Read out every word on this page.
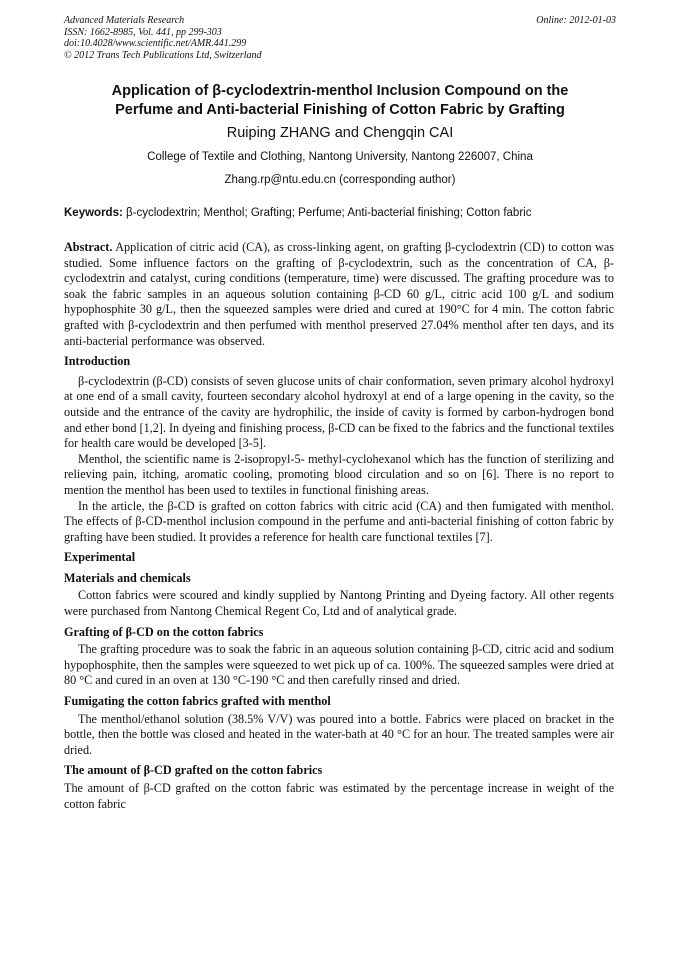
Advanced Materials Research
ISSN: 1662-8985, Vol. 441, pp 299-303
doi:10.4028/www.scientific.net/AMR.441.299
© 2012 Trans Tech Publications Ltd, Switzerland
Online: 2012-01-03
Application of β-cyclodextrin-menthol Inclusion Compound on the
Perfume and Anti-bacterial Finishing of Cotton Fabric by Grafting
Ruiping ZHANG and Chengqin CAI
College of Textile and Clothing, Nantong University, Nantong 226007, China
Zhang.rp@ntu.edu.cn (corresponding author)
Keywords: β-cyclodextrin; Menthol; Grafting; Perfume; Anti-bacterial finishing; Cotton fabric

Abstract. Application of citric acid (CA), as cross-linking agent, on grafting β-cyclodextrin (CD) to cotton was studied. Some influence factors on the grafting of β-cyclodextrin, such as the concentration of CA, β-cyclodextrin and catalyst, curing conditions (temperature, time) were discussed. The grafting procedure was to soak the fabric samples in an aqueous solution containing β-CD 60 g/L, citric acid 100 g/L and sodium hypophosphite 30 g/L, then the squeezed samples were dried and cured at 190°C for 4 min. The cotton fabric grafted with β-cyclodextrin and then perfumed with menthol preserved 27.04% menthol after ten days, and its anti-bacterial performance was observed.

Introduction

β-cyclodextrin (β-CD) consists of seven glucose units of chair conformation, seven primary alcohol hydroxyl at one end of a small cavity, fourteen secondary alcohol hydroxyl at end of a large opening in the cavity, so the outside and the entrance of the cavity are hydrophilic, the inside of cavity is formed by carbon-hydrogen bond and ether bond [1,2]. In dyeing and finishing process, β-CD can be fixed to the fabrics and the functional textiles for health care would be developed [3-5].

Menthol, the scientific name is 2-isopropyl-5- methyl-cyclohexanol which has the function of sterilizing and relieving pain, itching, aromatic cooling, promoting blood circulation and so on [6]. There is no report to mention the menthol has been used to textiles in functional finishing areas.

In the article, the β-CD is grafted on cotton fabrics with citric acid (CA) and then fumigated with menthol. The effects of β-CD-menthol inclusion compound in the perfume and anti-bacterial finishing of cotton fabric by grafting have been studied. It provides a reference for health care functional textiles [7].

Experimental
Materials and chemicals

Cotton fabrics were scoured and kindly supplied by Nantong Printing and Dyeing factory. All other regents were purchased from Nantong Chemical Regent Co, Ltd and of analytical grade.

Grafting of β-CD on the cotton fabrics

The grafting procedure was to soak the fabric in an aqueous solution containing β-CD, citric acid and sodium hypophosphite, then the samples were squeezed to wet pick up of ca. 100%. The squeezed samples were dried at 80 °C and cured in an oven at 130 °C-190 °C and then carefully rinsed and dried.

Fumigating the cotton fabrics grafted with menthol

The menthol/ethanol solution (38.5% V/V) was poured into a bottle. Fabrics were placed on bracket in the bottle, then the bottle was closed and heated in the water-bath at 40 °C for an hour. The treated samples were air dried.

The amount of β-CD grafted on the cotton fabrics

The amount of β-CD grafted on the cotton fabric was estimated by the percentage increase in weight of the cotton fabric
